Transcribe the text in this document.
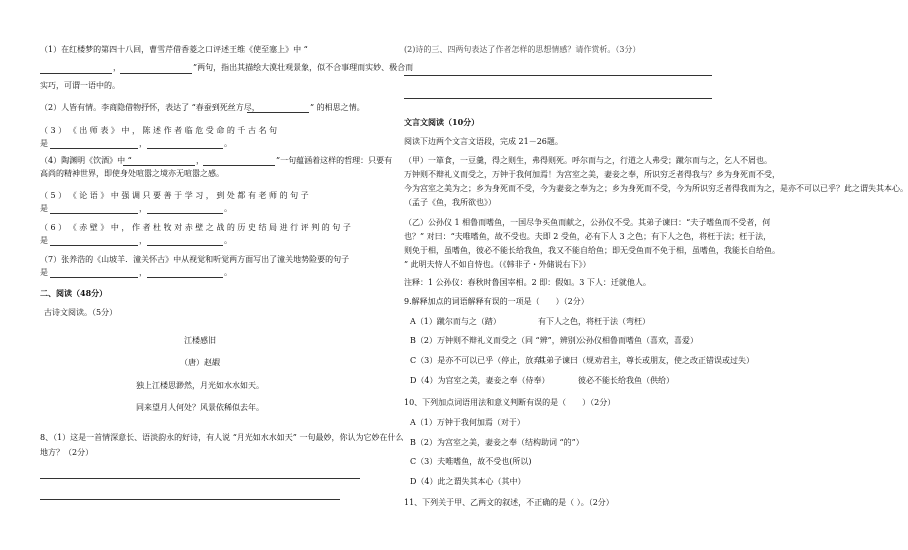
（1）在红楼梦的第四十八回，曹雪芹借香菱之口评述王维《使至塞上》中 “
，	”两句，指出其描绘大漠壮观景象，似不合事理而实妙、极合而
实巧，可谓一语中的。
（2）人皆有情。李商隐借物抒怀，表达了 “春蚕到死丝方尽，	” 的相思之情。
（ 3 ） 《 出 师 表 》 中 ， 陈 述 作 者 临 危 受 命 的 千 古 名 句
是	，	。
（4）陶渊明《饮酒》中 “	，	”一句蕴涵着这样的哲理：只要有
高尚的精神世界，即使身处喧嚣之境亦无喧嚣之感。
（ 5 ） 《 论 语 》 中 强 调 只 要 善 于 学 习 ， 到 处 都 有 老 师 的 句 子
是	，	。
（ 6 ） 《 赤 壁 》 中 ， 作 者 杜 牧 对 赤 壁 之 战 的 历 史 结 局 进 行 评 判 的 句 子
是	，	。
（7）张养浩的《山坡羊．潼关怀古》中从视觉和听觉两方面写出了潼关地势险要的句子
是	，	。
二、阅读（48分）
古诗文阅读。（5分）
江楼感旧
（唐）赵嘏
独上江楼思渺然，月光如水水如天。
同来望月人何处？风景依稀似去年。
8、（1）这是一首情深意长、语淡韵永的好诗，有人说 “月光如水水如天” 一句最妙，你认为它妙在什么
地方？（2分）
(2)诗的三、四两句表达了作者怎样的思想情感？请作赏析。（3分）
文言文阅读（10分）
阅读下边两个文言文语段，完成 21－26题。
（甲）一箪食，一豆羹，得之则生，弗得则死。呼尔而与之，行道之人弗受；蹴尔而与之，乞人不屑也。
万钟则不辩礼义而受之，万钟于我何加焉！为宫室之美，妻妾之奉，所识穷乏者得我与？乡为身死而不受，
今为宫室之美为之；乡为身死而不受，今为妻妾之奉为之；乡为身死而不受，今为所识穷乏者得我而为之，是亦不可以已乎？此之谓失其本心。
（孟子《鱼，我所欲也》）
（乙）公孙仪 1 相鲁而嗜鱼，一国尽争买鱼而献之，公孙仪不受。其弟子谏曰：“夫子嗜鱼而不受者，何
也？” 对曰：“夫唯嗜鱼，故不受也。夫即 2 受鱼，必有下人 3 之色；有下人之色，将枉于法；枉于法，
则免于相，虽嗜鱼，彼必不能长给我鱼，我又不能自给鱼；即无受鱼而不免于相，虽嗜鱼，我能长自给鱼。
” 此明夫恃人不如自恃也。（《韩非子・外储说右下》）
注释：1 公孙仪：春秋时鲁国宰相。2 即：假如。3 下人：迁就他人。
9.解释加点的词语解释有误的一项是（　　）（2分）
A（1）蹴尔而与之（踏）	有下人之色，将枉于法（弯枉）
B（2）万钟则不辩礼义而受之（同 “辨”，辨别）
公孙仪相鲁而嗜鱼（喜欢，喜爱）
C（3）是亦不可以已乎（停止，放弃）
其弟子谏曰（规劝君主，尊长或朋友，使之改正错误或过失）
D（4）为宫室之美，妻妾之奉（侍奉）	彼必不能长给我鱼（供给）
10、下列加点词语用法和意义判断有误的是（　　）（2分）
A（1）万钟于我何加焉（对于）
B（2）为宫室之美，妻妾之奉（结构助词 “的”）
C（3）夫唯嗜鱼，故不受也(所以)
D（4）此之谓失其本心（其中）
11、下列关于甲、乙两文的叙述，不正确的是（ ）。（2分）
